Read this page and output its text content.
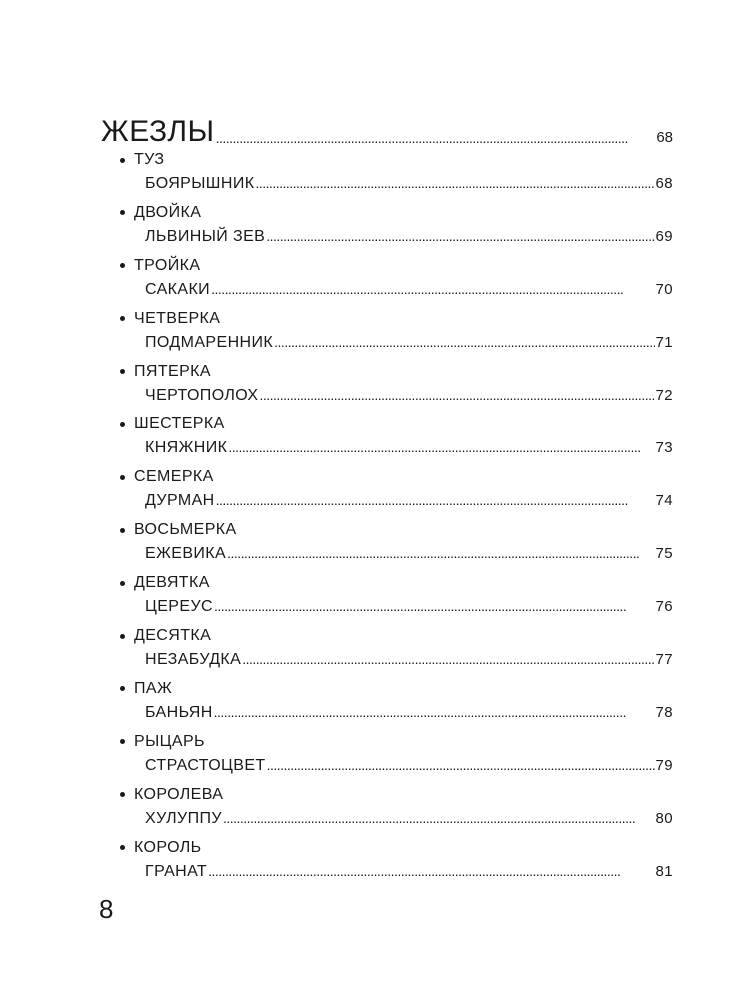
ЖЕЗЛЫ . . .	68
ТУЗ
БОЯРЫШНИК . . .	68
ДВОЙКА
ЛЬВИНЫЙ ЗЕВ . . .	69
ТРОЙКА
САКАКИ . . .	70
ЧЕТВЕРКА
ПОДМАРЕННИК . . .	71
ПЯТЕРКА
ЧЕРТОПОЛОХ . . .	72
ШЕСТЕРКА
КНЯЖНИК . . .	73
СЕМЕРКА
ДУРМАН . . .	74
ВОСЬМЕРКА
ЕЖЕВИКА . . .	75
ДЕВЯТКА
ЦЕРЕУС . . .	76
ДЕСЯТКА
НЕЗАБУДКА . . .	77
ПАЖ
БАНЬЯН . . .	78
РЫЦАРЬ
СТРАСТОЦВЕТ . . .	79
КОРОЛЕВА
ХУЛУППУ . . .	80
КОРОЛЬ
ГРАНАТ . . .	81
8
